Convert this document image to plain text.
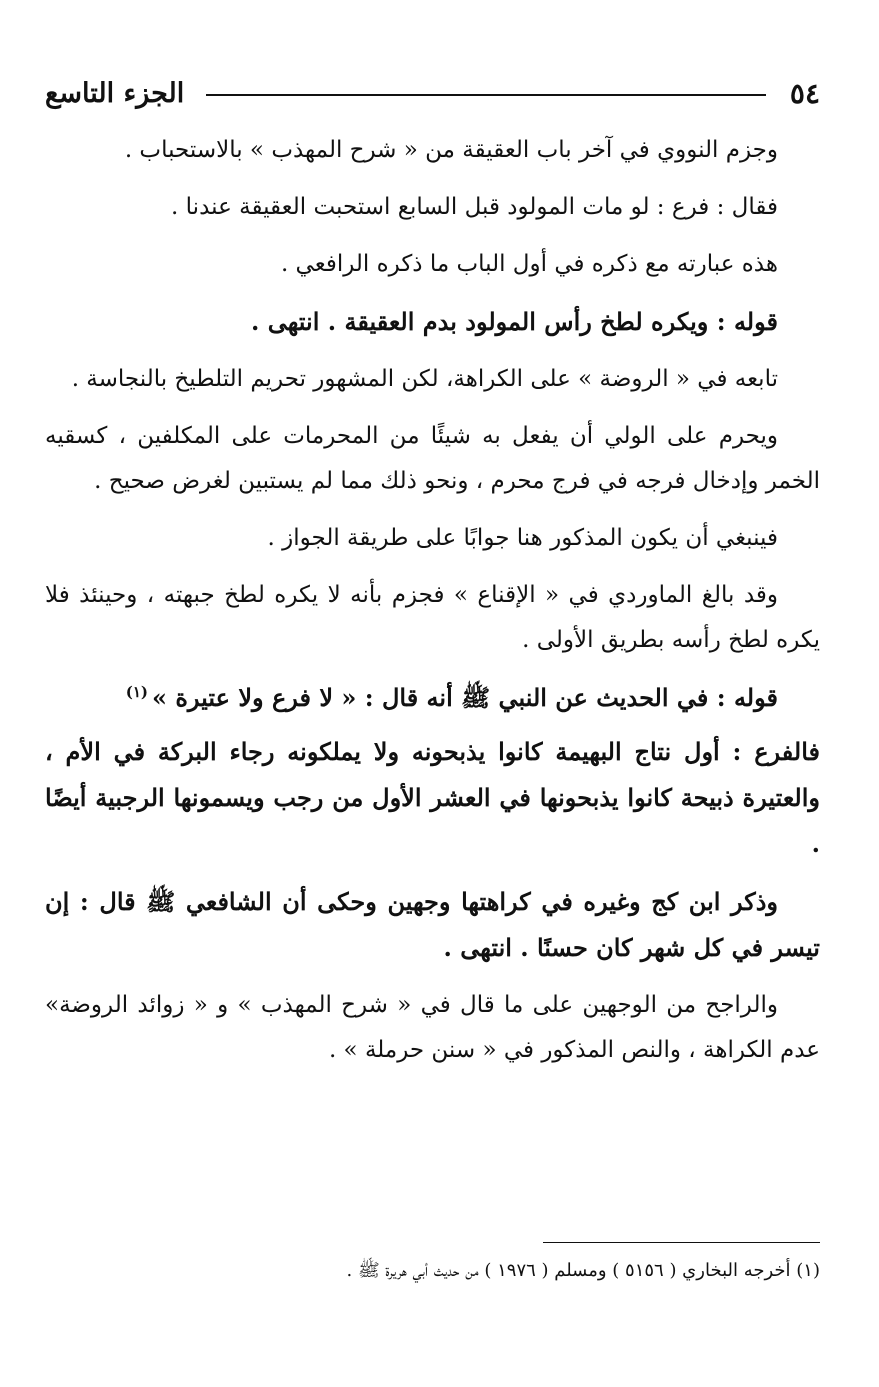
٥٤
الجزء التاسع

وجزم النووي في آخر باب العقيقة من « شرح المهذب » بالاستحباب .

فقال : فرع : لو مات المولود قبل السابع استحبت العقيقة عندنا .

هذه عبارته مع ذكره في أول الباب ما ذكره الرافعي .

قوله : ويكره لطخ رأس المولود بدم العقيقة . انتهى .

تابعه في « الروضة » على الكراهة، لكن المشهور تحريم التلطيخ بالنجاسة .

ويحرم على الولي أن يفعل به شيئًا من المحرمات على المكلفين ، كسقيه الخمر وإدخال فرجه في فرج محرم ، ونحو ذلك مما لم يستبين لغرض صحيح .

فينبغي أن يكون المذكور هنا جوابًا على طريقة الجواز .

وقد بالغ الماوردي في « الإقناع » فجزم بأنه لا يكره لطخ جبهته ، وحينئذ فلا يكره لطخ رأسه بطريق الأولى .

قوله : في الحديث عن النبي ﷺ أنه قال : « لا فرع ولا عتيرة »$^{(١)}$

فالفرع : أول نتاج البهيمة كانوا يذبحونه ولا يملكونه رجاء البركة في الأم ، والعتيرة ذبيحة كانوا يذبحونها في العشر الأول من رجب ويسمونها الرجبية أيضًا .

وذكر ابن كج وغيره في كراهتها وجهين وحكى أن الشافعي ﷺ قال : إن تيسر في كل شهر كان حسنًا . انتهى .

والراجح من الوجهين على ما قال في « شرح المهذب » و « زوائد الروضة» عدم الكراهة ، والنص المذكور في « سنن حرملة » .

(١) أخرجه البخاري ( ٥١٥٦ ) ومسلم ( ١٩٧٦ ) من حديث أبي هريرة ﷺ .
